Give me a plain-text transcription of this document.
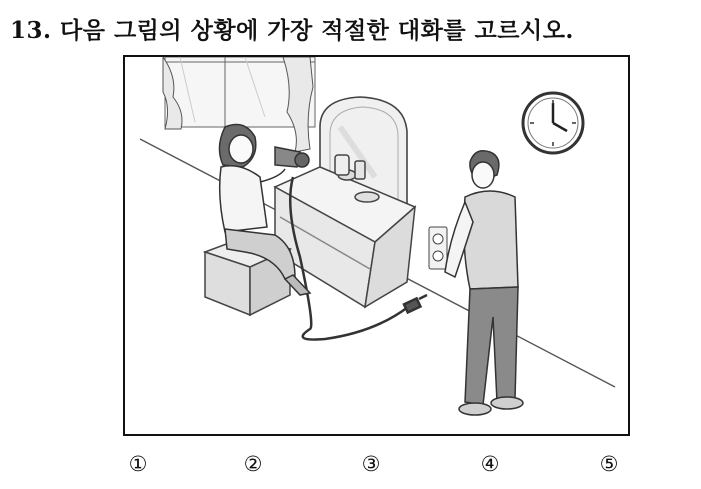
13. 다음 그림의 상황에 가장 적절한 대화를 고르시오.
①	②	③	④	⑤
